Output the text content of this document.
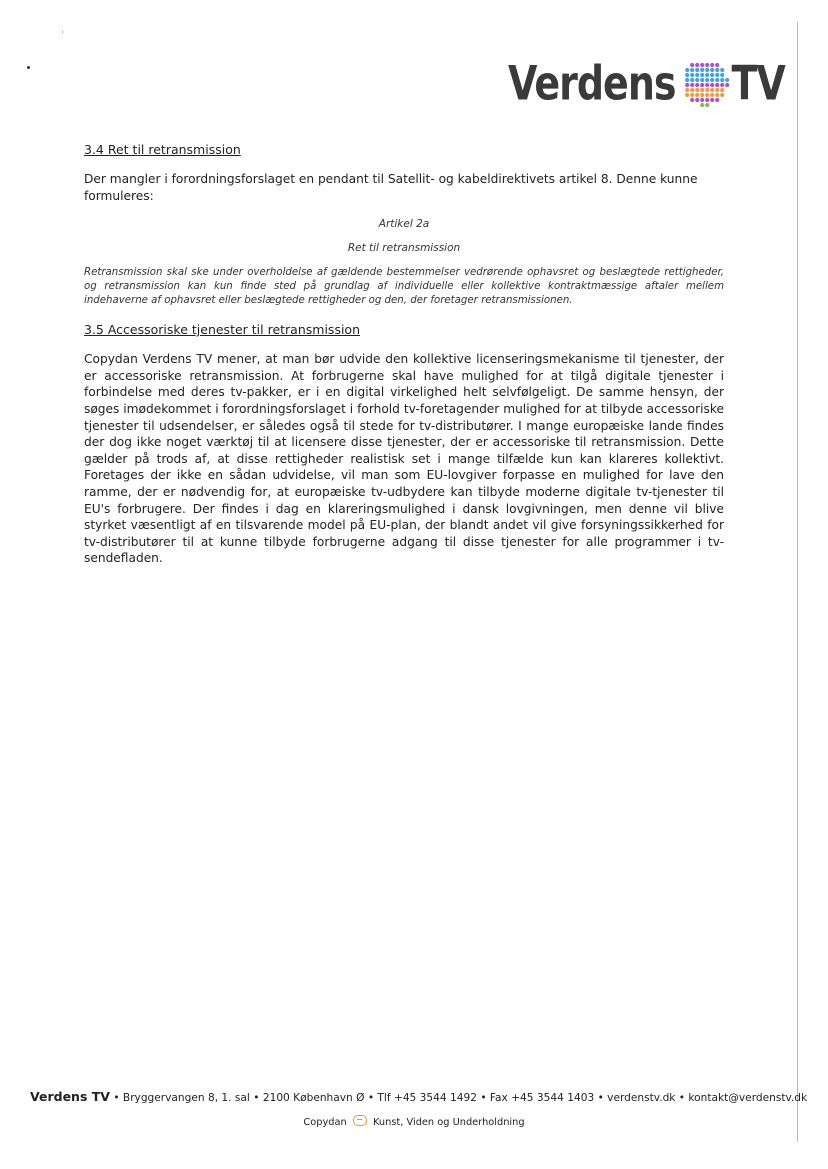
Verdens TV
3.4 Ret til retransmission

Der mangler i forordningsforslaget en pendant til Satellit- og kabeldirektivets artikel 8. Denne kunne formuleres:

Artikel 2a

Ret til retransmission

Retransmission skal ske under overholdelse af gældende bestemmelser vedrørende ophavsret og beslægtede rettigheder, og retransmission kan kun finde sted på grundlag af individuelle eller kollektive kontraktmæssige aftaler mellem indehaverne af ophavsret eller beslægtede rettigheder og den, der foretager retransmissionen.

3.5 Accessoriske tjenester til retransmission

Copydan Verdens TV mener, at man bør udvide den kollektive licenseringsmekanisme til tjenester, der er accessoriske retransmission. At forbrugerne skal have mulighed for at tilgå digitale tjenester i forbindelse med deres tv-pakker, er i en digital virkelighed helt selvfølgeligt. De samme hensyn, der søges imødekommet i forordningsforslaget i forhold tv-foretagender mulighed for at tilbyde accessoriske tjenester til udsendelser, er således også til stede for tv-distributører. I mange europæiske lande findes der dog ikke noget værktøj til at licensere disse tjenester, der er accessoriske til retransmission. Dette gælder på trods af, at disse rettigheder realistisk set i mange tilfælde kun kan klareres kollektivt. Foretages der ikke en sådan udvidelse, vil man som EU-lovgiver forpasse en mulighed for lave den ramme, der er nødvendig for, at europæiske tv-udbydere kan tilbyde moderne digitale tv-tjenester til EU's forbrugere. Der findes i dag en klareringsmulighed i dansk lovgivningen, men denne vil blive styrket væsentligt af en tilsvarende model på EU-plan, der blandt andet vil give forsyningssikkerhed for tv-distributører til at kunne tilbyde forbrugerne adgang til disse tjenester for alle programmer i tv-sendefladen.

Verdens TV • Bryggervangen 8, 1. sal • 2100 København Ø • Tlf +45 3544 1492 • Fax +45 3544 1403 • verdenstv.dk • kontakt@verdenstv.dk
Copydan	Kunst, Viden og Underholdning
